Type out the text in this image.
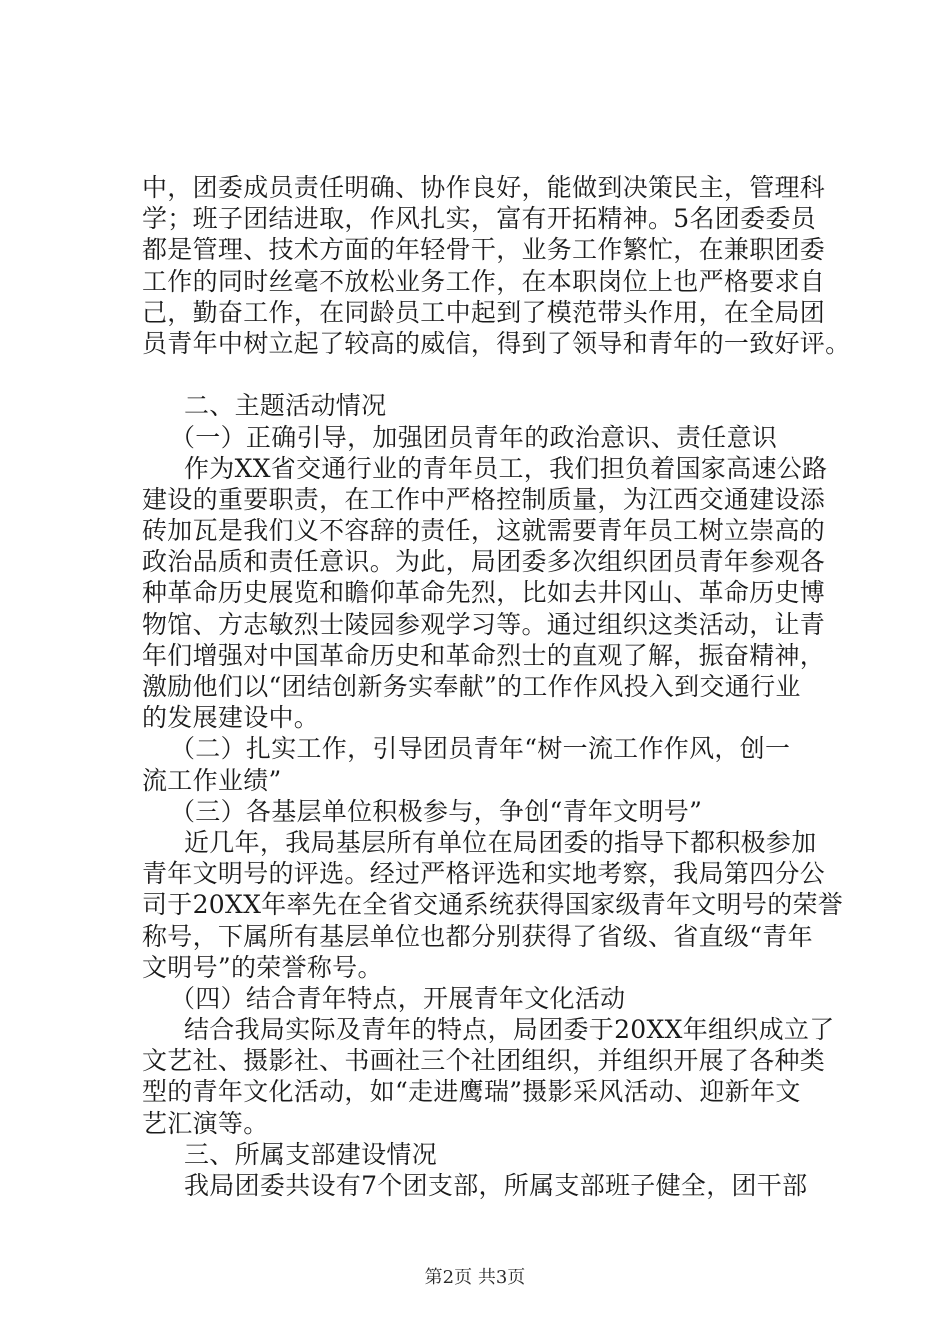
中，团委成员责任明确、协作良好，能做到决策民主，管理科
学；班子团结进取，作风扎实，富有开拓精神。5名团委委员
都是管理、技术方面的年轻骨干，业务工作繁忙，在兼职团委
工作的同时丝毫不放松业务工作，在本职岗位上也严格要求自
己，勤奋工作，在同龄员工中起到了模范带头作用，在全局团
员青年中树立起了较高的威信，得到了领导和青年的一致好评。
二、主题活动情况
（一）正确引导，加强团员青年的政治意识、责任意识
作为XX省交通行业的青年员工，我们担负着国家高速公路
建设的重要职责，在工作中严格控制质量，为江西交通建设添
砖加瓦是我们义不容辞的责任，这就需要青年员工树立崇高的
政治品质和责任意识。为此，局团委多次组织团员青年参观各
种革命历史展览和瞻仰革命先烈，比如去井冈山、革命历史博
物馆、方志敏烈士陵园参观学习等。通过组织这类活动，让青
年们增强对中国革命历史和革命烈士的直观了解，振奋精神，
激励他们以“团结创新务实奉献”的工作作风投入到交通行业
的发展建设中。
（二）扎实工作，引导团员青年“树一流工作作风，创一
流工作业绩”
（三）各基层单位积极参与，争创“青年文明号”
近几年，我局基层所有单位在局团委的指导下都积极参加
青年文明号的评选。经过严格评选和实地考察，我局第四分公
司于20XX年率先在全省交通系统获得国家级青年文明号的荣誉
称号，下属所有基层单位也都分别获得了省级、省直级“青年
文明号”的荣誉称号。
（四）结合青年特点，开展青年文化活动
结合我局实际及青年的特点，局团委于20XX年组织成立了
文艺社、摄影社、书画社三个社团组织，并组织开展了各种类
型的青年文化活动，如“走进鹰瑞”摄影采风活动、迎新年文
艺汇演等。
三、所属支部建设情况
我局团委共设有7个团支部，所属支部班子健全，团干部
第2页 共3页
